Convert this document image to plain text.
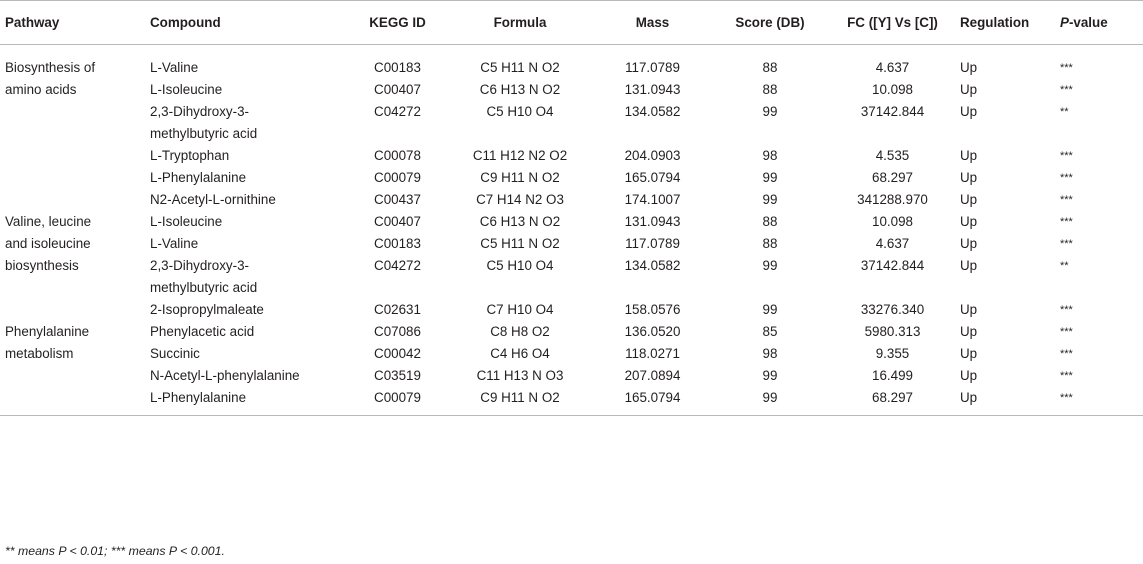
Pathway	Compound	KEGG ID	Formula	Mass	Score (DB)	FC ([Y] Vs [C])	Regulation	P-value
Biosynthesis of	L-Valine	C00183	C5 H11 N O2	117.0789	88	4.637	Up	***
amino acids	L-Isoleucine	C00407	C6 H13 N O2	131.0943	88	10.098	Up	***
	2,3-Dihydroxy-3-methylbutyric acid	C04272	C5 H10 O4	134.0582	99	37142.844	Up	**
	L-Tryptophan	C00078	C11 H12 N2 O2	204.0903	98	4.535	Up	***
	L-Phenylalanine	C00079	C9 H11 N O2	165.0794	99	68.297	Up	***
	N2-Acetyl-L-ornithine	C00437	C7 H14 N2 O3	174.1007	99	341288.970	Up	***
Valine, leucine	L-Isoleucine	C00407	C6 H13 N O2	131.0943	88	10.098	Up	***
and isoleucine	L-Valine	C00183	C5 H11 N O2	117.0789	88	4.637	Up	***
biosynthesis	2,3-Dihydroxy-3-methylbutyric acid	C04272	C5 H10 O4	134.0582	99	37142.844	Up	**
	2-Isopropylmaleate	C02631	C7 H10 O4	158.0576	99	33276.340	Up	***
Phenylalanine	Phenylacetic acid	C07086	C8 H8 O2	136.0520	85	5980.313	Up	***
metabolism	Succinic	C00042	C4 H6 O4	118.0271	98	9.355	Up	***
	N-Acetyl-L-phenylalanine	C03519	C11 H13 N O3	207.0894	99	16.499	Up	***
	L-Phenylalanine	C00079	C9 H11 N O2	165.0794	99	68.297	Up	***
** means P < 0.01; *** means P < 0.001.
